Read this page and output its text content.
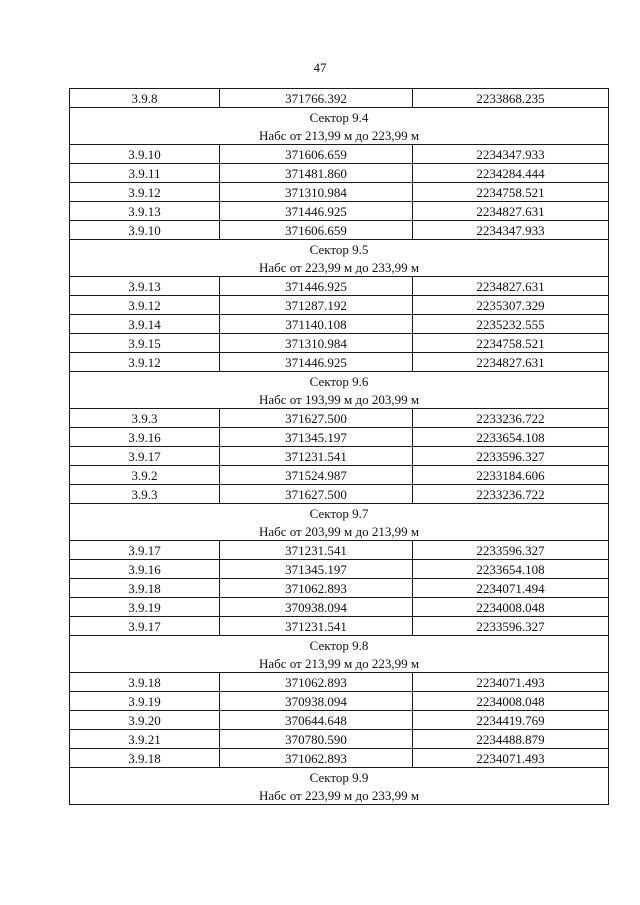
47
3.9.8	371766.392	2233868.235
Сектор 9.4		
Набс от 213,99 м до 223,99 м		
3.9.10	371606.659	2234347.933
3.9.11	371481.860	2234284.444
3.9.12	371310.984	2234758.521
3.9.13	371446.925	2234827.631
3.9.10	371606.659	2234347.933
Сектор 9.5		
Набс от 223,99 м до 233,99 м		
3.9.13	371446.925	2234827.631
3.9.12	371287.192	2235307.329
3.9.14	371140.108	2235232.555
3.9.15	371310.984	2234758.521
3.9.12	371446.925	2234827.631
Сектор 9.6		
Набс от 193,99 м до 203,99 м		
3.9.3	371627.500	2233236.722
3.9.16	371345.197	2233654.108
3.9.17	371231.541	2233596.327
3.9.2	371524.987	2233184.606
3.9.3	371627.500	2233236.722
Сектор 9.7		
Набс от 203,99 м до 213,99 м		
3.9.17	371231.541	2233596.327
3.9.16	371345.197	2233654.108
3.9.18	371062.893	2234071.494
3.9.19	370938.094	2234008.048
3.9.17	371231.541	2233596.327
Сектор 9.8		
Набс от 213,99 м до 223,99 м		
3.9.18	371062.893	2234071.493
3.9.19	370938.094	2234008.048
3.9.20	370644.648	2234419.769
3.9.21	370780.590	2234488.879
3.9.18	371062.893	2234071.493
Сектор 9.9		
Набс от 223,99 м до 233,99 м		
